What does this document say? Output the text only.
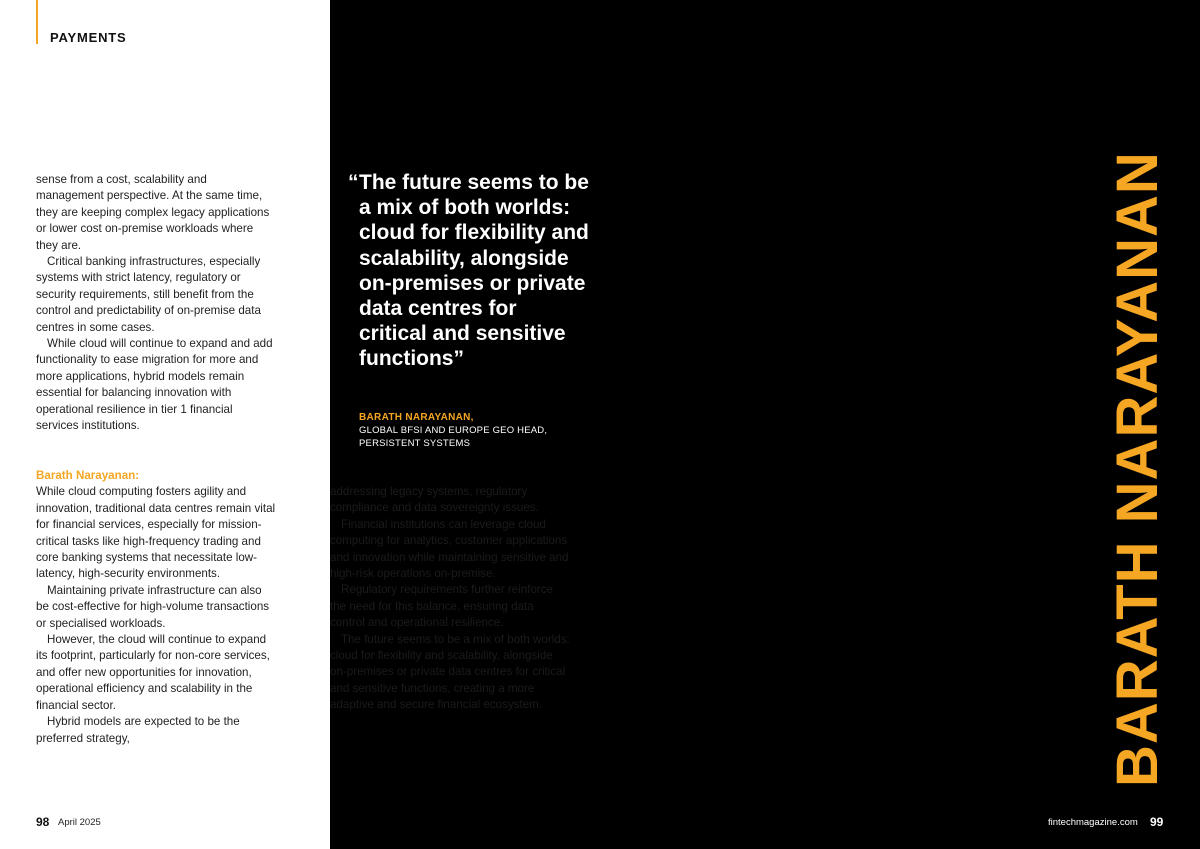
PAYMENTS

sense from a cost, scalability and management perspective. At the same time, they are keeping complex legacy applications or lower cost on-premise workloads where they are.

Critical banking infrastructures, especially systems with strict latency, regulatory or security requirements, still benefit from the control and predictability of on-premise data centres in some cases.

While cloud will continue to expand and add functionality to ease migration for more and more applications, hybrid models remain essential for balancing innovation with operational resilience in tier 1 financial services institutions.

Barath Narayanan:

While cloud computing fosters agility and innovation, traditional data centres remain vital for financial services, especially for mission-critical tasks like high-frequency trading and core banking systems that necessitate low-latency, high-security environments.

Maintaining private infrastructure can also be cost-effective for high-volume transactions or specialised workloads.

However, the cloud will continue to expand its footprint, particularly for non-core services, and offer new opportunities for innovation, operational efficiency and scalability in the financial sector.

Hybrid models are expected to be the preferred strategy,

addressing legacy systems, regulatory compliance and data sovereignty issues.

Financial institutions can leverage cloud computing for analytics, customer applications and innovation while maintaining sensitive and high-risk operations on-premise.

Regulatory requirements further reinforce the need for this balance, ensuring data control and operational resilience.

The future seems to be a mix of both worlds: cloud for flexibility and scalability, alongside on-premises or private data centres for critical and sensitive functions, creating a more adaptive and secure financial ecosystem.

“ The future seems to be a mix of both worlds: cloud for flexibility and scalability, alongside on-premises or private data centres for critical and sensitive functions”

BARATH NARAYANAN,
GLOBAL BFSI AND EUROPE GEO HEAD, PERSISTENT SYSTEMS	BARATH NARAYANAN
98 April 2025	fintechmagazine.com 99
